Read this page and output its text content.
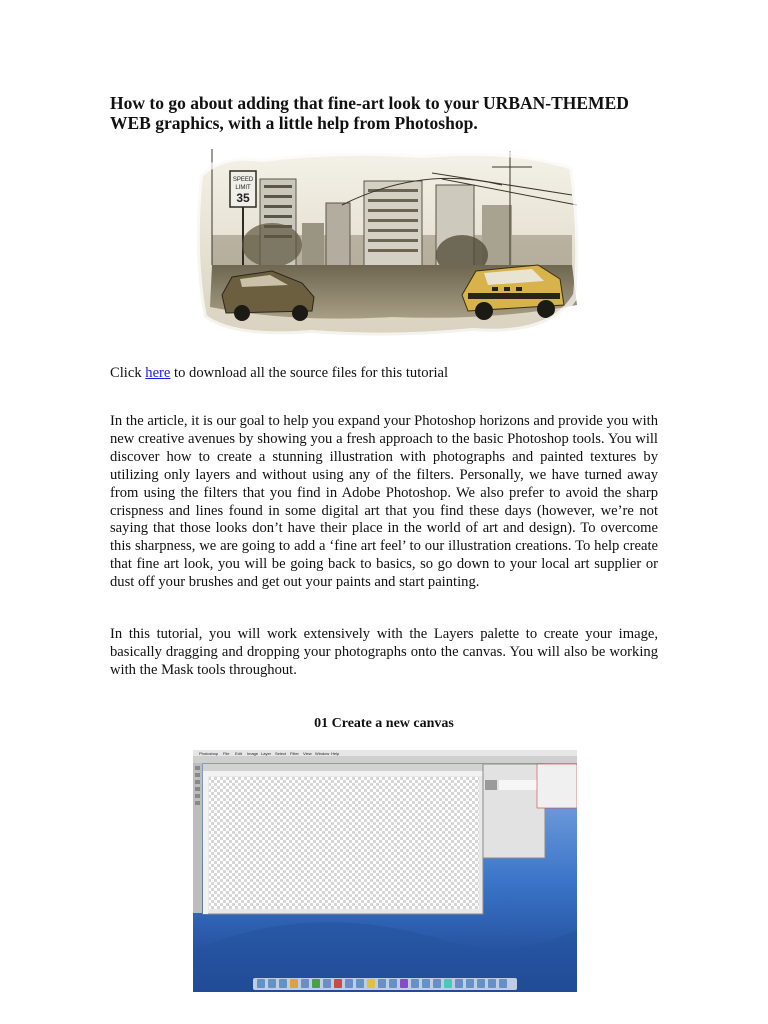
How to go about adding that fine-art look to your URBAN-THEMED WEB graphics, with a little help from Photoshop.
SPEED
LIMIT
35

Click here to download all the source files for this tutorial

In the article, it is our goal to help you expand your Photoshop horizons and provide you with new creative avenues by showing you a fresh approach to the basic Photoshop tools. You will discover how to create a stunning illustration with photographs and painted textures by utilizing only layers and without using any of the filters. Personally, we have turned away from using the filters that you find in Adobe Photoshop. We also prefer to avoid the sharp crispness and lines found in some digital art that you find these days (however, we’re not saying that those looks don’t have their place in the world of art and design). To overcome this sharpness, we are going to add a ‘fine art feel’ to our illustration creations. To help create that fine art look, you will be going back to basics, so go down to your local art supplier or dust off your brushes and get out your paints and start painting.

In this tutorial, you will work extensively with the Layers palette to create your image, basically dragging and dropping your photographs onto the canvas. You will also be working with the Mask tools throughout.

01 Create a new canvas

Photoshop File Edit Image Layer Select Filter View Window Help
